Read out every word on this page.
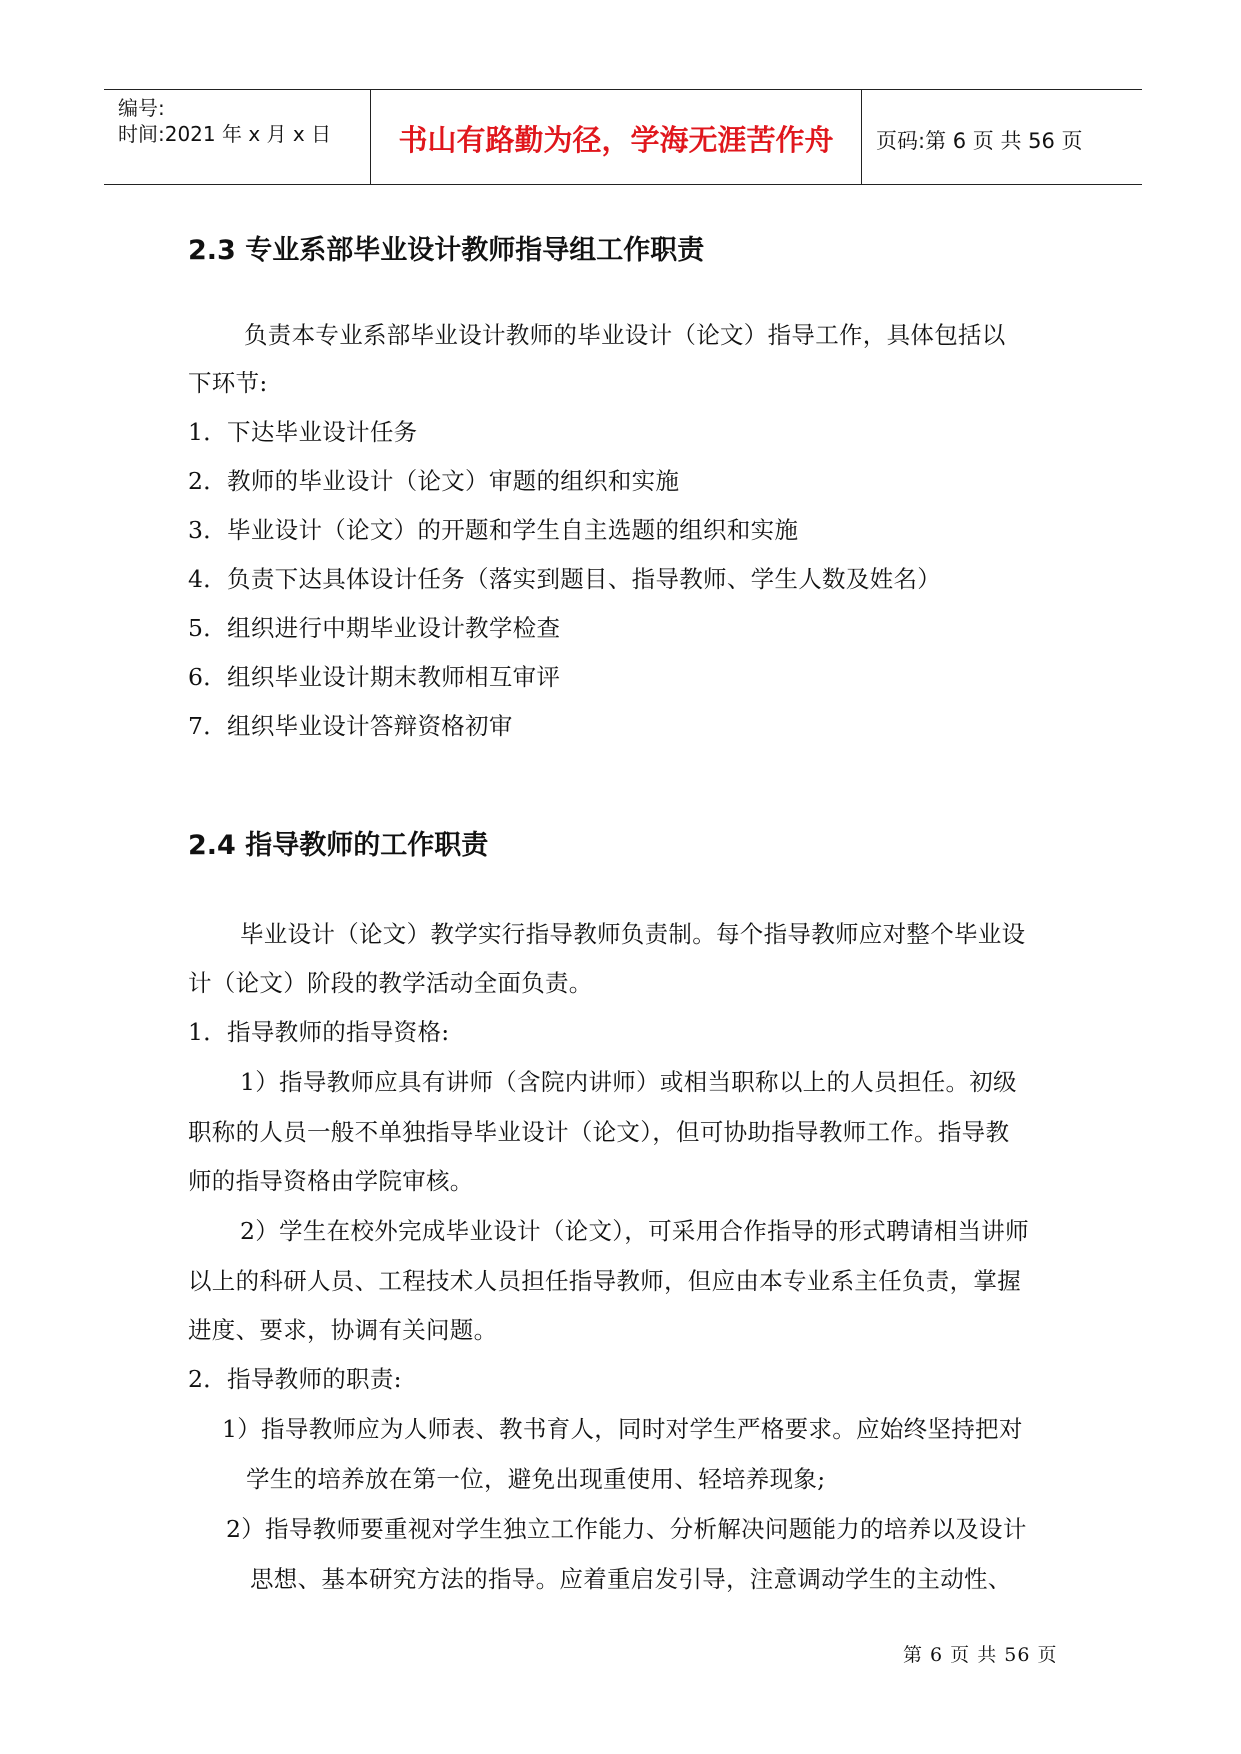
编号:
时间:2021 年 x 月 x 日	书山有路勤为径，学海无涯苦作舟	页码:第 6 页 共 56 页
2.3 专业系部毕业设计教师指导组工作职责
负责本专业系部毕业设计教师的毕业设计（论文）指导工作，具体包括以
下环节:
1．下达毕业设计任务
2．教师的毕业设计（论文）审题的组织和实施
3．毕业设计（论文）的开题和学生自主选题的组织和实施
4．负责下达具体设计任务（落实到题目、指导教师、学生人数及姓名）
5．组织进行中期毕业设计教学检查
6．组织毕业设计期末教师相互审评
7．组织毕业设计答辩资格初审
2.4 指导教师的工作职责
毕业设计（论文）教学实行指导教师负责制。每个指导教师应对整个毕业设
计（论文）阶段的教学活动全面负责。
1．指导教师的指导资格:
1）指导教师应具有讲师（含院内讲师）或相当职称以上的人员担任。初级
职称的人员一般不单独指导毕业设计（论文），但可协助指导教师工作。指导教
师的指导资格由学院审核。
2）学生在校外完成毕业设计（论文），可采用合作指导的形式聘请相当讲师
以上的科研人员、工程技术人员担任指导教师，但应由本专业系主任负责，掌握
进度、要求，协调有关问题。
2．指导教师的职责:
1）指导教师应为人师表、教书育人，同时对学生严格要求。应始终坚持把对
学生的培养放在第一位，避免出现重使用、轻培养现象;
2）指导教师要重视对学生独立工作能力、分析解决问题能力的培养以及设计
思想、基本研究方法的指导。应着重启发引导，注意调动学生的主动性、
第 6 页 共 56 页
